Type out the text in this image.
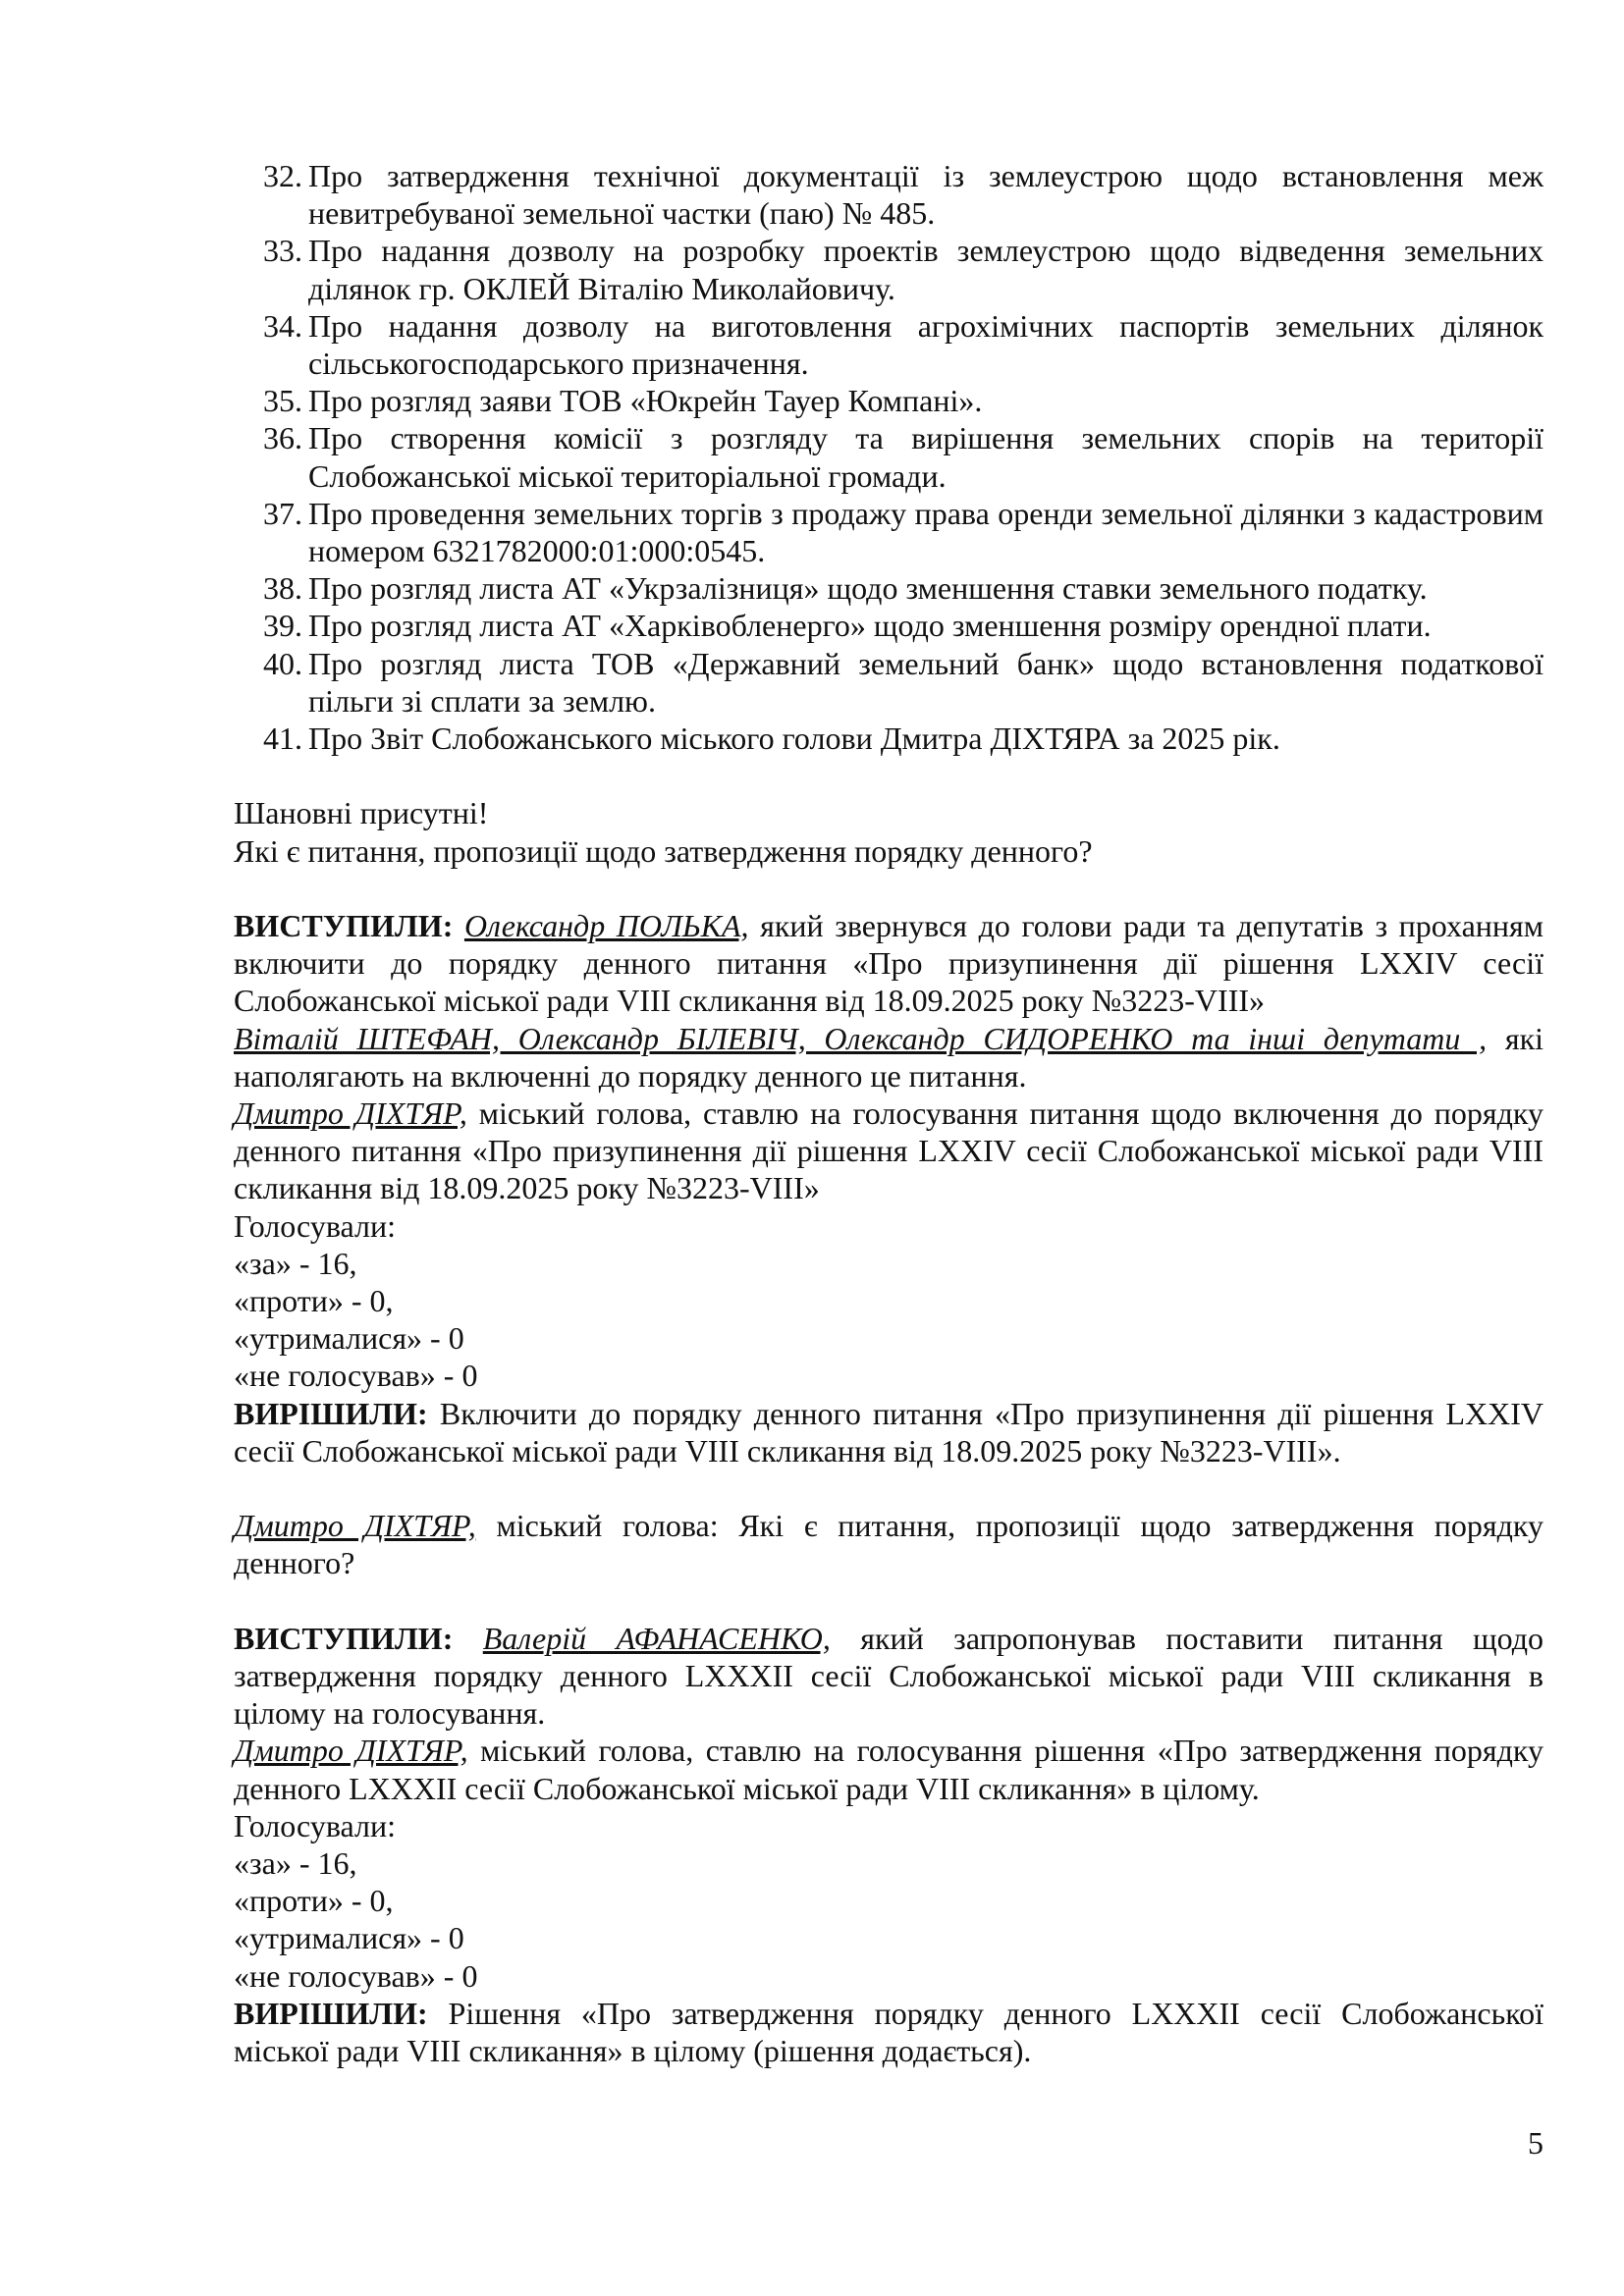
32. Про затвердження технічної документації із землеустрою щодо встановлення меж невитребуваної земельної частки (паю) № 485.
33. Про надання дозволу на розробку проектів землеустрою щодо відведення земельних ділянок гр. ОКЛЕЙ Віталію Миколайовичу.
34. Про надання дозволу на виготовлення агрохімічних паспортів земельних ділянок сільськогосподарського призначення.
35. Про розгляд заяви ТОВ «Юкрейн Тауер Компані».
36. Про створення комісії з розгляду та вирішення земельних спорів на території Слобожанської міської територіальної громади.
37. Про проведення земельних торгів з продажу права оренди земельної ділянки з кадастровим номером 6321782000:01:000:0545.
38. Про розгляд листа АТ «Укрзалізниця» щодо зменшення ставки земельного податку.
39. Про розгляд листа АТ «Харківобленерго» щодо зменшення розміру орендної плати.
40. Про розгляд листа ТОВ «Державний земельний банк» щодо встановлення податкової пільги зі сплати за землю.
41. Про Звіт Слобожанського міського голови Дмитра ДІХТЯРА за 2025 рік.

Шановні присутні!

Які є питання, пропозиції щодо затвердження порядку денного?

ВИСТУПИЛИ: Олександр ПОЛЬКА, який звернувся до голови ради та депутатів з проханням включити до порядку денного питання «Про призупинення дії рішення LXXIV сесії Слобожанської міської ради VIII скликання від 18.09.2025 року №3223-VIII»

Віталій ШТЕФАН, Олександр БІЛЕВІЧ, Олександр СИДОРЕНКО та інші депутати , які наполягають на включенні до порядку денного це питання.

Дмитро ДІХТЯР, міський голова, ставлю на голосування питання щодо включення до порядку денного питання «Про призупинення дії рішення LXXIV сесії Слобожанської міської ради VIII скликання від 18.09.2025 року №3223-VIII»

Голосували:

«за» - 16,

«проти» - 0,

«утрималися» - 0

«не голосував» - 0

ВИРІШИЛИ: Включити до порядку денного питання «Про призупинення дії рішення LXXIV сесії Слобожанської міської ради VIII скликання від 18.09.2025 року №3223-VIII».

Дмитро ДІХТЯР, міський голова: Які є питання, пропозиції щодо затвердження порядку денного?

ВИСТУПИЛИ: Валерій АФАНАСЕНКО, який запропонував поставити питання щодо затвердження порядку денного LXXXII сесії Слобожанської міської ради VIII скликання в цілому на голосування.

Дмитро ДІХТЯР, міський голова, ставлю на голосування рішення «Про затвердження порядку денного LXXXII сесії Слобожанської міської ради VIII скликання» в цілому.

Голосували:

«за» - 16,

«проти» - 0,

«утрималися» - 0

«не голосував» - 0

ВИРІШИЛИ: Рішення «Про затвердження порядку денного LXXXII сесії Слобожанської міської ради VIII скликання» в цілому (рішення додається).

5
